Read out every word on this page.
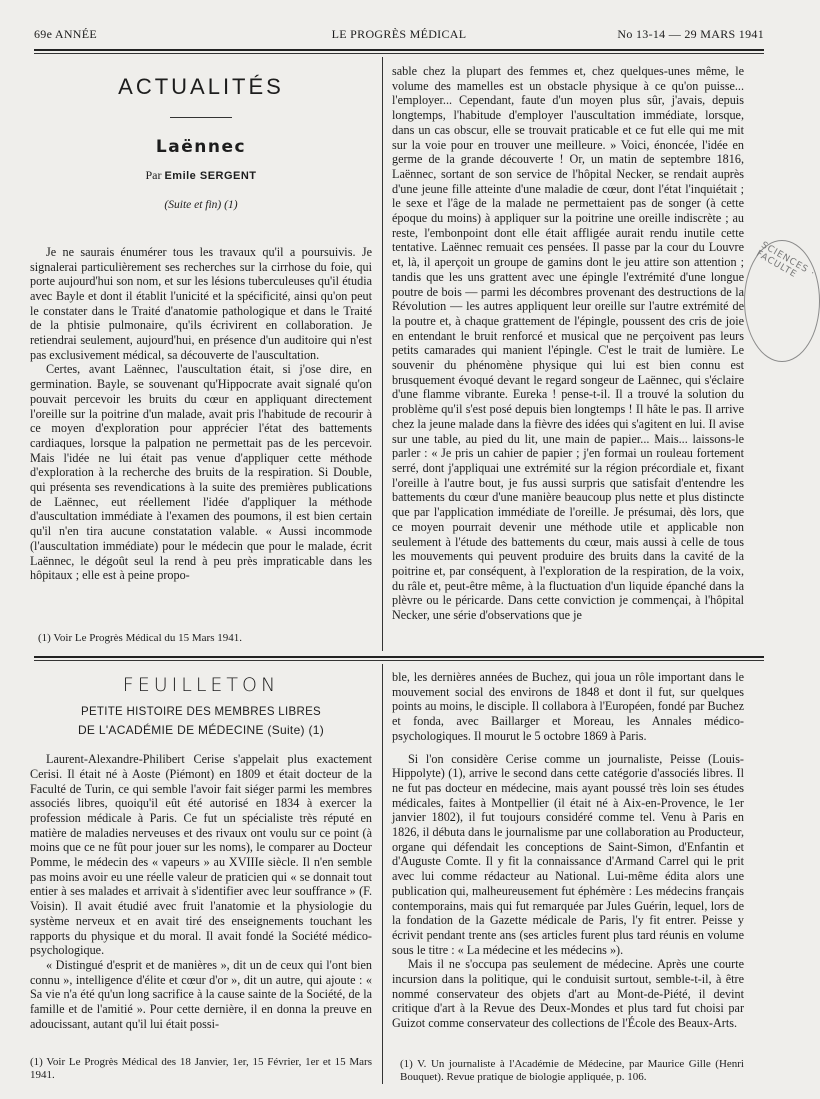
69e ANNÉE	LE PROGRÈS MÉDICAL	No 13-14 — 29 MARS 1941
ACTUALITÉS
Laënnec
Par Emile SERGENT
(Suite et fin) (1)

Je ne saurais énumérer tous les travaux qu'il a poursuivis. Je signalerai particulièrement ses recherches sur la cirrhose du foie, qui porte aujourd'hui son nom, et sur les lésions tuberculeuses qu'il étudia avec Bayle et dont il établit l'unicité et la spécificité, ainsi qu'on peut le constater dans le Traité d'anatomie pathologique et dans le Traité de la phtisie pulmonaire, qu'ils écrivirent en collaboration. Je retiendrai seulement, aujourd'hui, en présence d'un auditoire qui n'est pas exclusivement médical, sa découverte de l'auscultation.

Certes, avant Laënnec, l'auscultation était, si j'ose dire, en germination. Bayle, se souvenant qu'Hippocrate avait signalé qu'on pouvait percevoir les bruits du cœur en appliquant directement l'oreille sur la poitrine d'un malade, avait pris l'habitude de recourir à ce moyen d'exploration pour apprécier l'état des battements cardiaques, lorsque la palpation ne permettait pas de les percevoir. Mais l'idée ne lui était pas venue d'appliquer cette méthode d'exploration à la recherche des bruits de la respiration. Si Double, qui présenta ses revendications à la suite des premières publications de Laënnec, eut réellement l'idée d'appliquer la méthode d'auscultation immédiate à l'examen des poumons, il est bien certain qu'il n'en tira aucune constatation valable. « Aussi incommode (l'auscultation immédiate) pour le médecin que pour le malade, écrit Laënnec, le dégoût seul la rend à peu près impraticable dans les hôpitaux ; elle est à peine propo-

(1) Voir Le Progrès Médical du 15 Mars 1941.

sable chez la plupart des femmes et, chez quelques-unes même, le volume des mamelles est un obstacle physique à ce qu'on puisse... l'employer... Cependant, faute d'un moyen plus sûr, j'avais, depuis longtemps, l'habitude d'employer l'auscultation immédiate, lorsque, dans un cas obscur, elle se trouvait praticable et ce fut elle qui me mit sur la voie pour en trouver une meilleure. » Voici, énoncée, l'idée en germe de la grande découverte ! Or, un matin de septembre 1816, Laënnec, sortant de son service de l'hôpital Necker, se rendait auprès d'une jeune fille atteinte d'une maladie de cœur, dont l'état l'inquiétait ; le sexe et l'âge de la malade ne permettaient pas de songer (à cette époque du moins) à appliquer sur la poitrine une oreille indiscrète ; au reste, l'embonpoint dont elle était affligée aurait rendu inutile cette tentative. Laënnec remuait ces pensées. Il passe par la cour du Louvre et, là, il aperçoit un groupe de gamins dont le jeu attire son attention ; tandis que les uns grattent avec une épingle l'extrémité d'une longue poutre de bois — parmi les décombres provenant des destructions de la Révolution — les autres appliquent leur oreille sur l'autre extrémité de la poutre et, à chaque grattement de l'épingle, poussent des cris de joie en entendant le bruit renforcé et musical que ne perçoivent pas leurs petits camarades qui manient l'épingle. C'est le trait de lumière. Le souvenir du phénomène physique qui lui est bien connu est brusquement évoqué devant le regard songeur de Laënnec, qui s'éclaire d'une flamme vibrante. Eureka ! pense-t-il. Il a trouvé la solution du problème qu'il s'est posé depuis bien longtemps ! Il hâte le pas. Il arrive chez la jeune malade dans la fièvre des idées qui s'agitent en lui. Il avise sur une table, au pied du lit, une main de papier... Mais... laissons-le parler : « Je pris un cahier de papier ; j'en formai un rouleau fortement serré, dont j'appliquai une extrémité sur la région précordiale et, fixant l'oreille à l'autre bout, je fus aussi surpris que satisfait d'entendre les battements du cœur d'une manière beaucoup plus nette et plus distincte que par l'application immédiate de l'oreille. Je présumai, dès lors, que ce moyen pourrait devenir une méthode utile et applicable non seulement à l'étude des battements du cœur, mais aussi à celle de tous les mouvements qui peuvent produire des bruits dans la cavité de la poitrine et, par conséquent, à l'exploration de la respiration, de la voix, du râle et, peut-être même, à la fluctuation d'un liquide épanché dans la plèvre ou le péricarde. Dans cette conviction je commençai, à l'hôpital Necker, une série d'observations que je

SCIENCES · FACULTE
FEUILLETON
PETITE HISTOIRE DES MEMBRES LIBRES
DE L'ACADÉMIE DE MÉDECINE (Suite) (1)

Laurent-Alexandre-Philibert Cerise s'appelait plus exactement Cerisi. Il était né à Aoste (Piémont) en 1809 et était docteur de la Faculté de Turin, ce qui semble l'avoir fait siéger parmi les membres associés libres, quoiqu'il eût été autorisé en 1834 à exercer la profession médicale à Paris. Ce fut un spécialiste très réputé en matière de maladies nerveuses et des rivaux ont voulu sur ce point (à moins que ce ne fût pour jouer sur les noms), le comparer au Docteur Pomme, le médecin des « vapeurs » au XVIIIe siècle. Il n'en semble pas moins avoir eu une réelle valeur de praticien qui « se donnait tout entier à ses malades et arrivait à s'identifier avec leur souffrance » (F. Voisin). Il avait étudié avec fruit l'anatomie et la physiologie du système nerveux et en avait tiré des enseignements touchant les rapports du physique et du moral. Il avait fondé la Société médico-psychologique.

« Distingué d'esprit et de manières », dit un de ceux qui l'ont bien connu », intelligence d'élite et cœur d'or », dit un autre, qui ajoute : « Sa vie n'a été qu'un long sacrifice à la cause sainte de la Société, de la famille et de l'amitié ». Pour cette dernière, il en donna la preuve en adoucissant, autant qu'il lui était possi-

(1) Voir Le Progrès Médical des 18 Janvier, 1er, 15 Février, 1er et 15 Mars 1941.

ble, les dernières années de Buchez, qui joua un rôle important dans le mouvement social des environs de 1848 et dont il fut, sur quelques points au moins, le disciple. Il collabora à l'Européen, fondé par Buchez et fonda, avec Baillarger et Moreau, les Annales médico-psychologiques. Il mourut le 5 octobre 1869 à Paris.

Si l'on considère Cerise comme un journaliste, Peisse (Louis-Hippolyte) (1), arrive le second dans cette catégorie d'associés libres. Il ne fut pas docteur en médecine, mais ayant poussé très loin ses études médicales, faites à Montpellier (il était né à Aix-en-Provence, le 1er janvier 1802), il fut toujours considéré comme tel. Venu à Paris en 1826, il débuta dans le journalisme par une collaboration au Producteur, organe qui défendait les conceptions de Saint-Simon, d'Enfantin et d'Auguste Comte. Il y fit la connaissance d'Armand Carrel qui le prit avec lui comme rédacteur au National. Lui-même édita alors une publication qui, malheureusement fut éphémère : Les médecins français contemporains, mais qui fut remarquée par Jules Guérin, lequel, lors de la fondation de la Gazette médicale de Paris, l'y fit entrer. Peisse y écrivit pendant trente ans (ses articles furent plus tard réunis en volume sous le titre : « La médecine et les médecins »).

Mais il ne s'occupa pas seulement de médecine. Après une courte incursion dans la politique, qui le conduisit surtout, semble-t-il, à être nommé conservateur des objets d'art au Mont-de-Piété, il devint critique d'art à la Revue des Deux-Mondes et plus tard fut choisi par Guizot comme conservateur des collections de l'École des Beaux-Arts.

(1) V. Un journaliste à l'Académie de Médecine, par Maurice Gille (Henri Bouquet). Revue pratique de biologie appliquée, p. 106.
